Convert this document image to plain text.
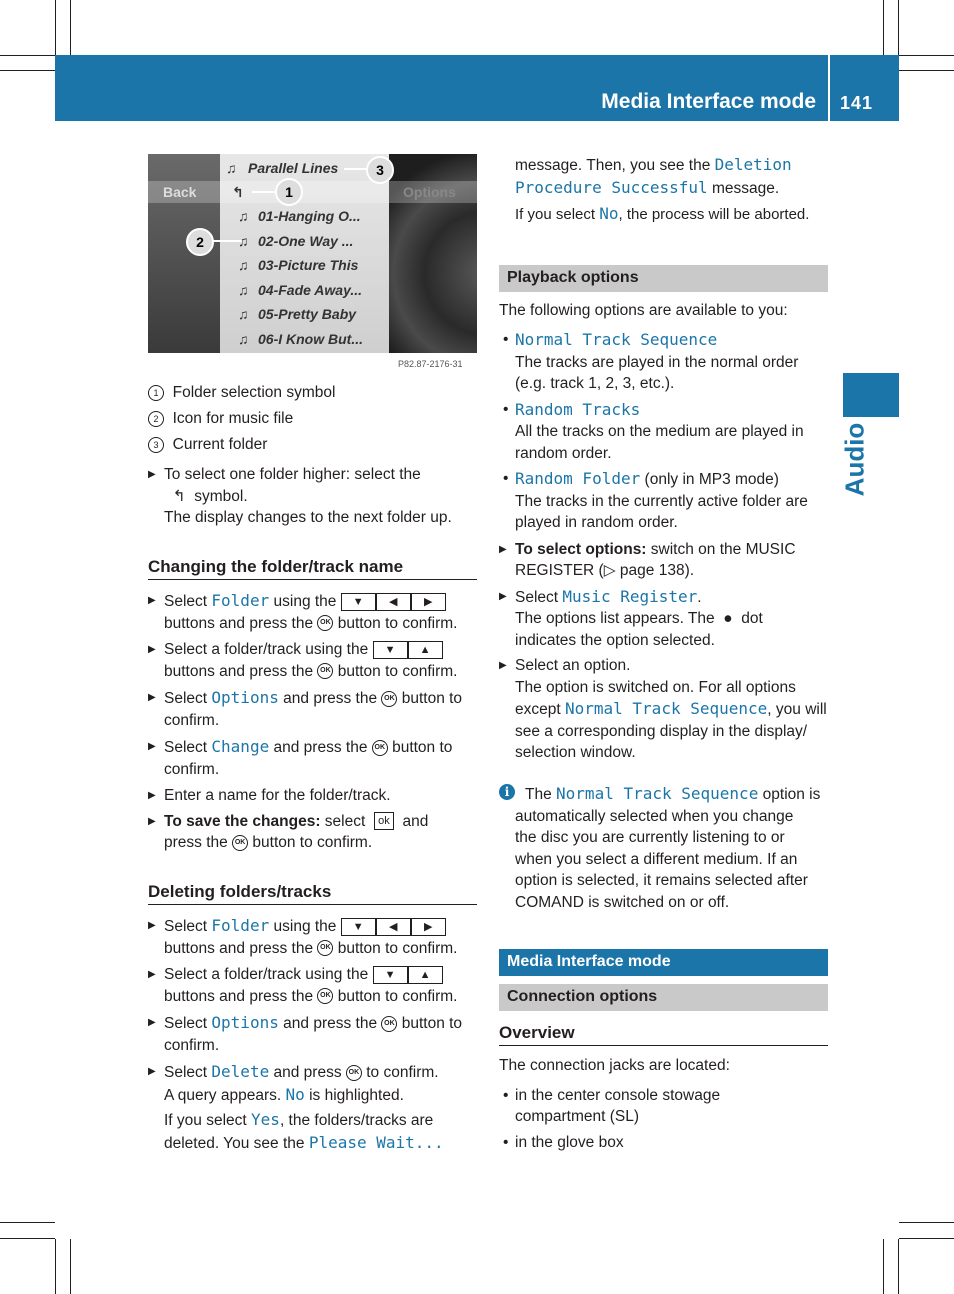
Media Interface mode 141
Audio
Back	Options
♫ Parallel Lines
↰
♫ 01-Hanging O...
♫ 02-One Way ...
♫ 03-Picture This
♫ 04-Fade Away...
♫ 05-Pretty Baby
♫ 06-I Know But...
1
2
3
P82.87-2176-31
1 Folder selection symbol
2 Icon for music file
3 Current folder

▶ To select one folder higher: select the

↰ symbol.

The display changes to the next folder up.

Changing the folder/track name

▶ Select Folder using the ▼ ◀ ▶

buttons and press the OK button to confirm.

▶ Select a folder/track using the ▼ ▲

buttons and press the OK button to confirm.

▶ Select Options and press the OK button to

confirm.

▶ Select Change and press the OK button to

confirm.

▶ Enter a name for the folder/track.

▶ To save the changes: select ok and

press the OK button to confirm.

Deleting folders/tracks

▶ Select Folder using the ▼ ◀ ▶

buttons and press the OK button to confirm.

▶ Select a folder/track using the ▼ ▲

buttons and press the OK button to confirm.

▶ Select Options and press the OK button to

confirm.

▶ Select Delete and press OK to confirm.

A query appears. No is highlighted.

If you select Yes, the folders/tracks are

deleted. You see the Please Wait...

message. Then, you see the Deletion

Procedure Successful message.

If you select No, the process will be aborted.

Playback options

The following options are available to you:

• Normal Track Sequence

The tracks are played in the normal order

(e.g. track 1, 2, 3, etc.).

• Random Tracks

All the tracks on the medium are played in

random order.

• Random Folder (only in MP3 mode)

The tracks in the currently active folder are

played in random order.

▶ To select options: switch on the MUSIC

REGISTER (▷ page 138).

▶ Select Music Register.

The options list appears. The ● dot

indicates the option selected.

▶ Select an option.

The option is switched on. For all options

except Normal Track Sequence, you will

see a corresponding display in the display/

selection window.

i	The Normal Track Sequence option is

automatically selected when you change

the disc you are currently listening to or

when you select a different medium. If an

option is selected, it remains selected after

COMAND is switched on or off.

Media Interface mode
Connection options
Overview

The connection jacks are located:

• in the center console stowage

compartment (SL)

• in the glove box
